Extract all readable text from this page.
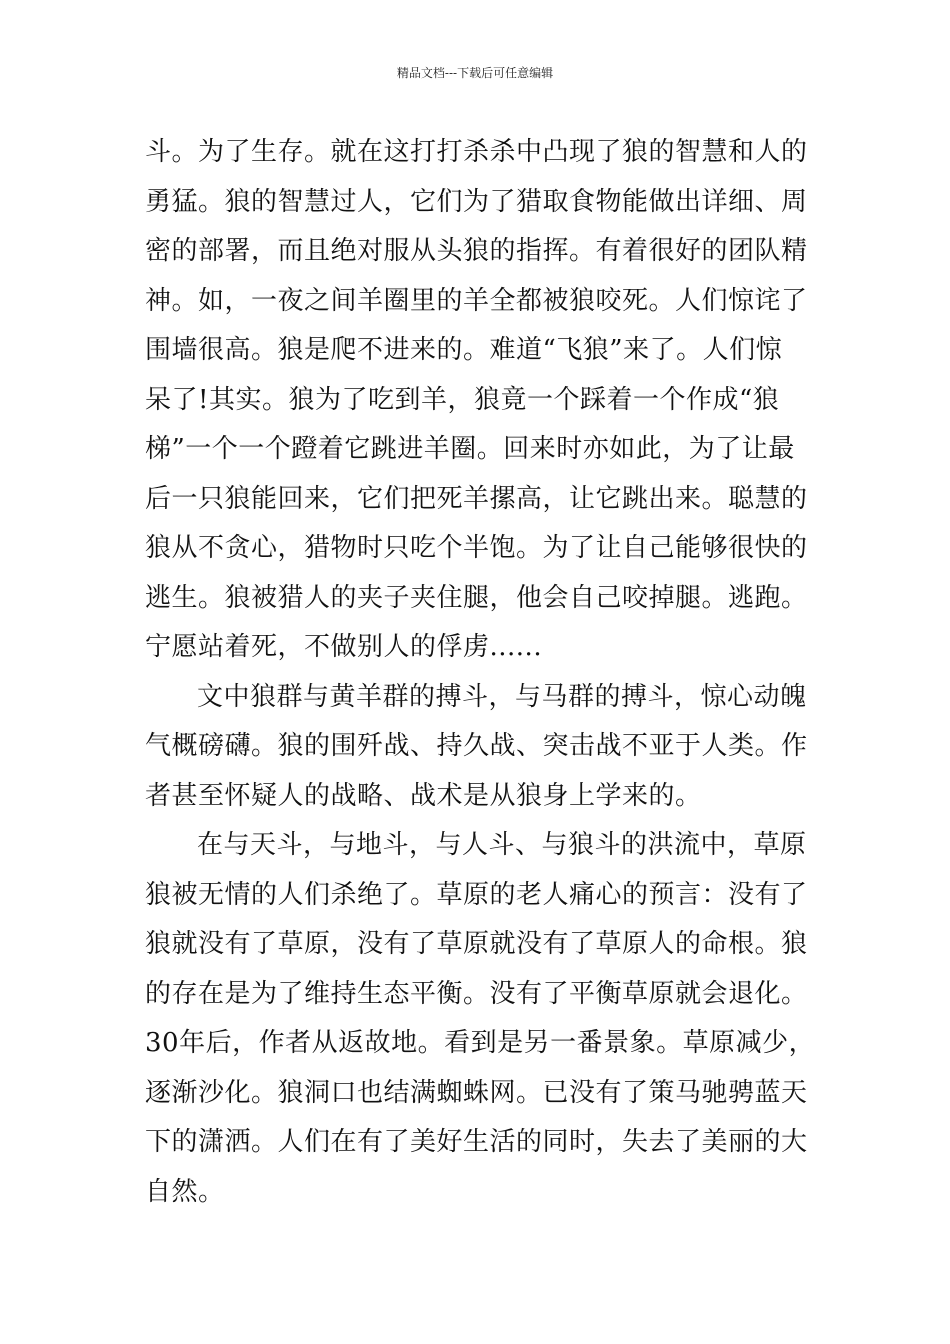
精品文档---下载后可任意编辑
斗。为了生存。就在这打打杀杀中凸现了狼的智慧和人的
勇猛。狼的智慧过人，它们为了猎取食物能做出详细、周
密的部署，而且绝对服从头狼的指挥。有着很好的团队精
神。如，一夜之间羊圈里的羊全都被狼咬死。人们惊诧了
围墙很高。狼是爬不进来的。难道“飞狼”来了。人们惊
呆了!其实。狼为了吃到羊，狼竟一个踩着一个作成“狼
梯”一个一个蹬着它跳进羊圈。回来时亦如此，为了让最
后一只狼能回来，它们把死羊摞高，让它跳出来。聪慧的
狼从不贪心，猎物时只吃个半饱。为了让自己能够很快的
逃生。狼被猎人的夹子夹住腿，他会自己咬掉腿。逃跑。
宁愿站着死，不做别人的俘虏......
文中狼群与黄羊群的搏斗，与马群的搏斗，惊心动魄
气概磅礴。狼的围歼战、持久战、突击战不亚于人类。作
者甚至怀疑人的战略、战术是从狼身上学来的。
在与天斗，与地斗，与人斗、与狼斗的洪流中，草原
狼被无情的人们杀绝了。草原的老人痛心的预言：没有了
狼就没有了草原，没有了草原就没有了草原人的命根。狼
的存在是为了维持生态平衡。没有了平衡草原就会退化。
30年后，作者从返故地。看到是另一番景象。草原减少，
逐渐沙化。狼洞口也结满蜘蛛网。已没有了策马驰骋蓝天
下的潇洒。人们在有了美好生活的同时，失去了美丽的大
自然。
